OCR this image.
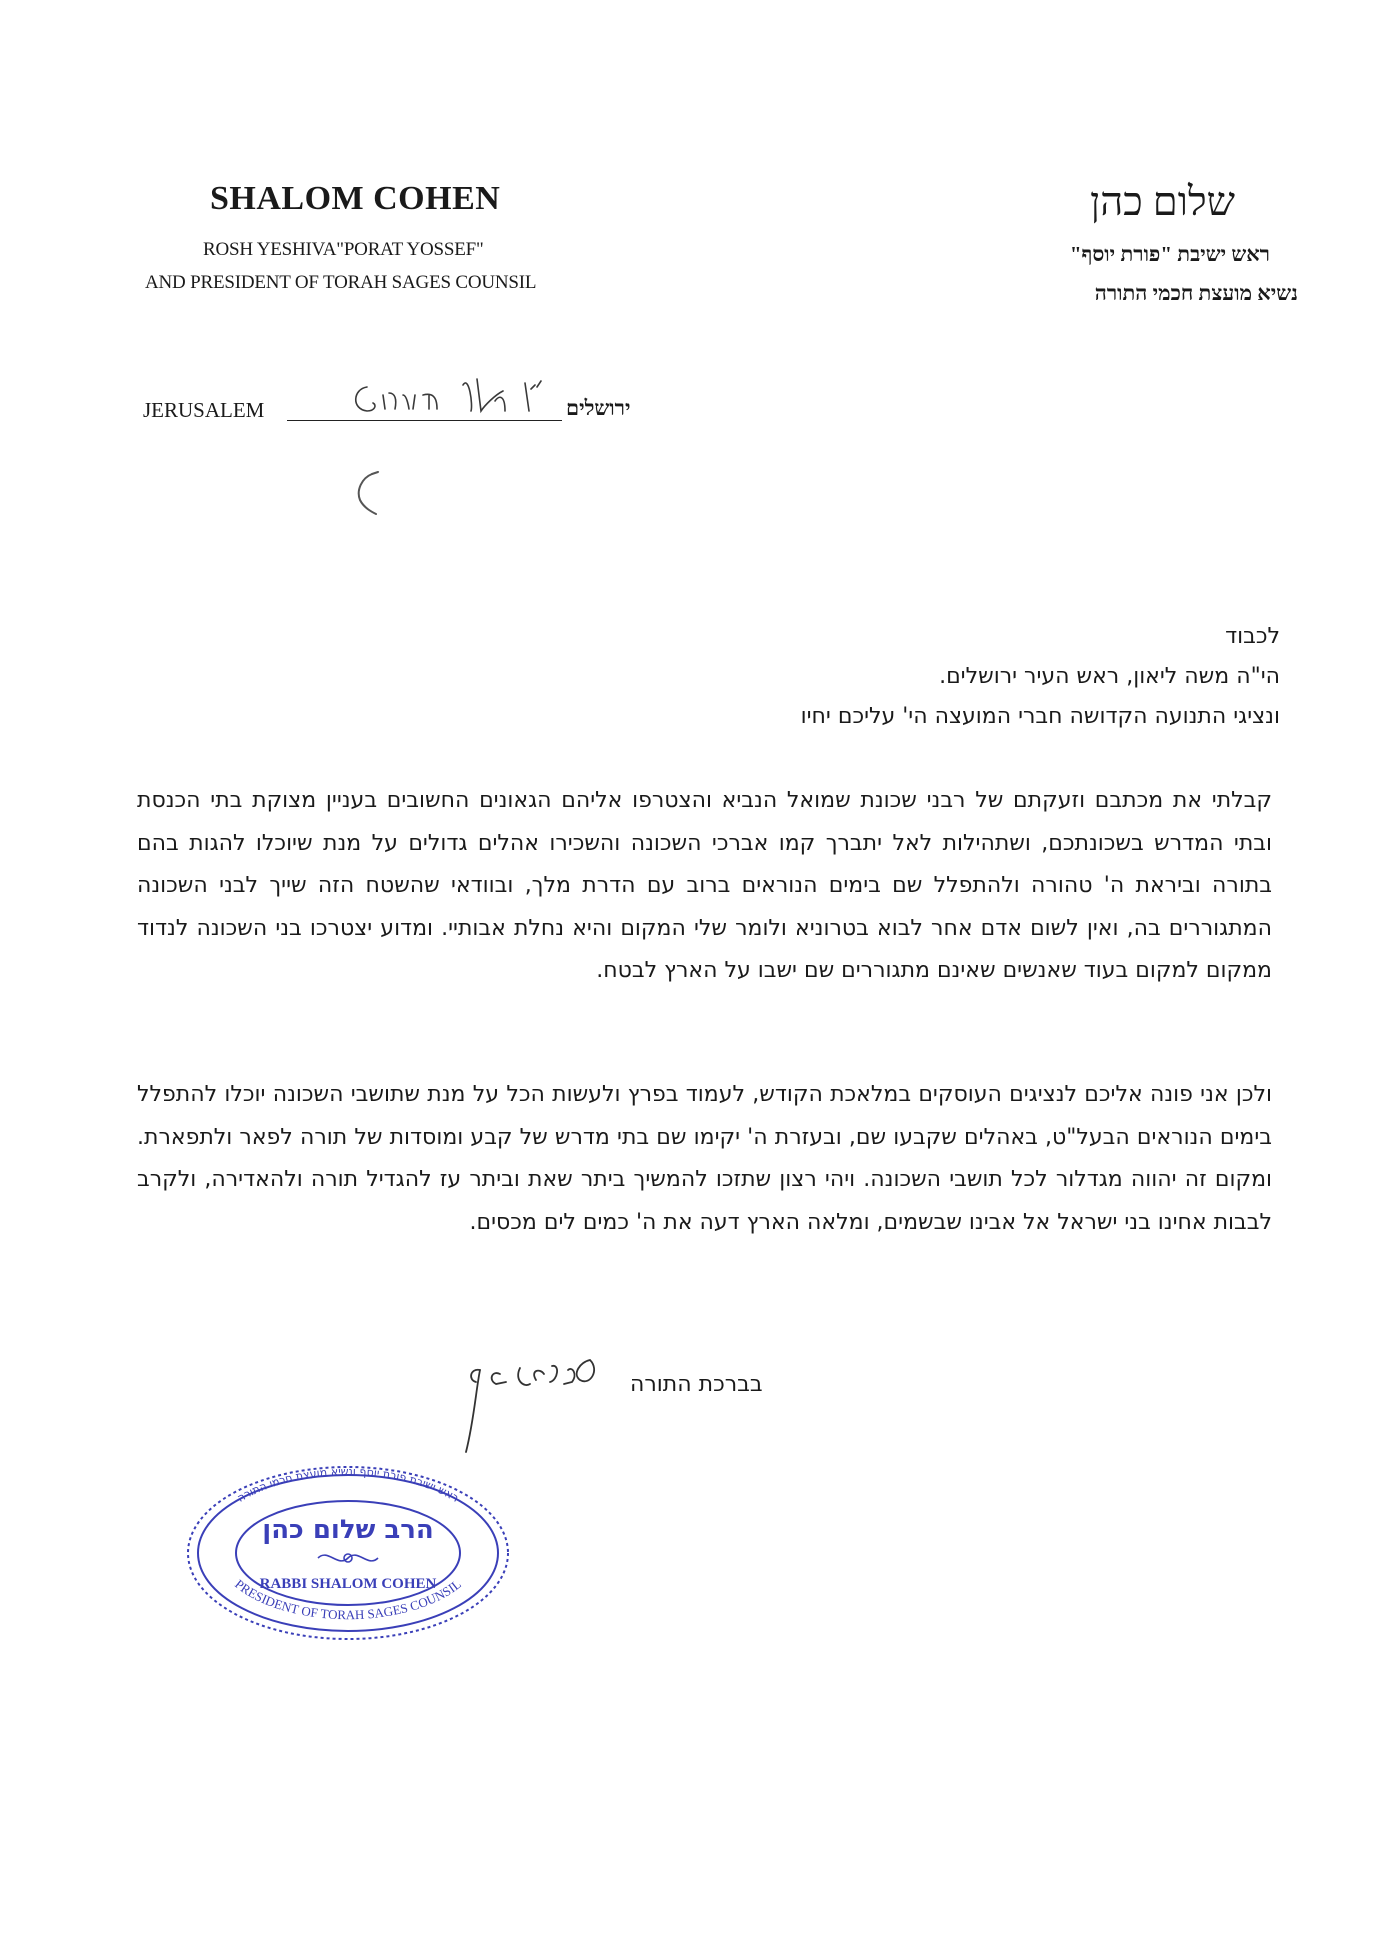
SHALOM COHEN
ROSH YESHIVA"PORAT YOSSEF"
AND PRESIDENT OF TORAH SAGES COUNSIL
שלום כהן
ראש ישיבת "פורת יוסף"
נשיא מועצת חכמי התורה
JERUSALEM	ירושלים
לכבוד
הי"ה משה ליאון, ראש העיר ירושלים.
ונציגי התנועה הקדושה חברי המועצה הי' עליכם יחיו
קבלתי את מכתבם וזעקתם של רבני שכונת שמואל הנביא והצטרפו אליהם הגאונים החשובים בעניין מצוקת בתי הכנסת ובתי המדרש בשכונתכם, ושתהילות לאל יתברך קמו אברכי השכונה והשכירו אהלים גדולים על מנת שיוכלו להגות בהם בתורה וביראת ה' טהורה ולהתפלל שם בימים הנוראים ברוב עם הדרת מלך, ובוודאי שהשטח הזה שייך לבני השכונה המתגוררים בה, ואין לשום אדם אחר לבוא בטרוניא ולומר שלי המקום והיא נחלת אבותיי. ומדוע יצטרכו בני השכונה לנדוד ממקום למקום בעוד שאנשים שאינם מתגוררים שם ישבו על הארץ לבטח.
ולכן אני פונה אליכם לנציגים העוסקים במלאכת הקודש, לעמוד בפרץ ולעשות הכל על מנת שתושבי השכונה יוכלו להתפלל בימים הנוראים הבעל"ט, באהלים שקבעו שם, ובעזרת ה' יקימו שם בתי מדרש של קבע ומוסדות של תורה לפאר ולתפארת. ומקום זה יהווה מגדלור לכל תושבי השכונה. ויהי רצון שתזכו להמשיך ביתר שאת וביתר עז להגדיל תורה ולהאדירה, ולקרב לבבות אחינו בני ישראל אל אבינו שבשמים, ומלאה הארץ דעה את ה' כמים לים מכסים.
בברכת התורה
ראש ישיבת פורת יוסף ונשיא מועצת חכמי התורה
PRESIDENT OF TORAH SAGES COUNSIL
הרב שלום כהן
RABBI SHALOM COHEN
